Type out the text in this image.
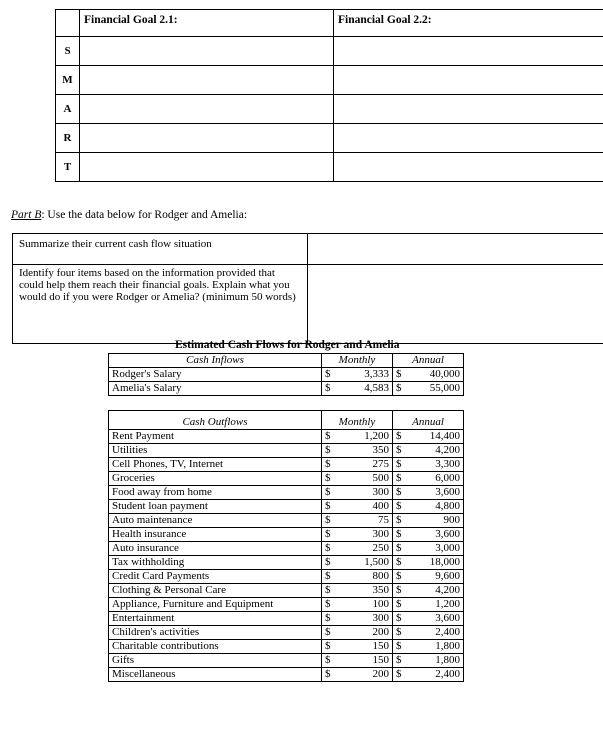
	Financial Goal 2.1:	Financial Goal 2.2:

S		
M		
A		
R		
T		
Part B: Use the data below for Rodger and Amelia:
Summarize their current cash flow situation	
Identify four items based on the information provided that could help them reach their financial goals. Explain what you would do if you were Rodger or Amelia? (minimum 50 words)	
Estimated Cash Flows for Rodger and Amelia
Cash Inflows	Monthly		Annual	
Rodger's Salary	$	3,333	$	40,000
Amelia's Salary	$	4,583	$	55,000

Cash Outflows	Monthly		Annual	
Rent Payment	$	1,200	$	14,400
Utilities	$	350	$	4,200
Cell Phones, TV, Internet	$	275	$	3,300
Groceries	$	500	$	6,000
Food away from home	$	300	$	3,600
Student loan payment	$	400	$	4,800
Auto maintenance	$	75	$	900
Health insurance	$	300	$	3,600
Auto insurance	$	250	$	3,000
Tax withholding	$	1,500	$	18,000
Credit Card Payments	$	800	$	9,600
Clothing & Personal Care	$	350	$	4,200
Appliance, Furniture and Equipment	$	100	$	1,200
Entertainment	$	300	$	3,600
Children's activities	$	200	$	2,400
Charitable contributions	$	150	$	1,800
Gifts	$	150	$	1,800
Miscellaneous	$	200	$	2,400
